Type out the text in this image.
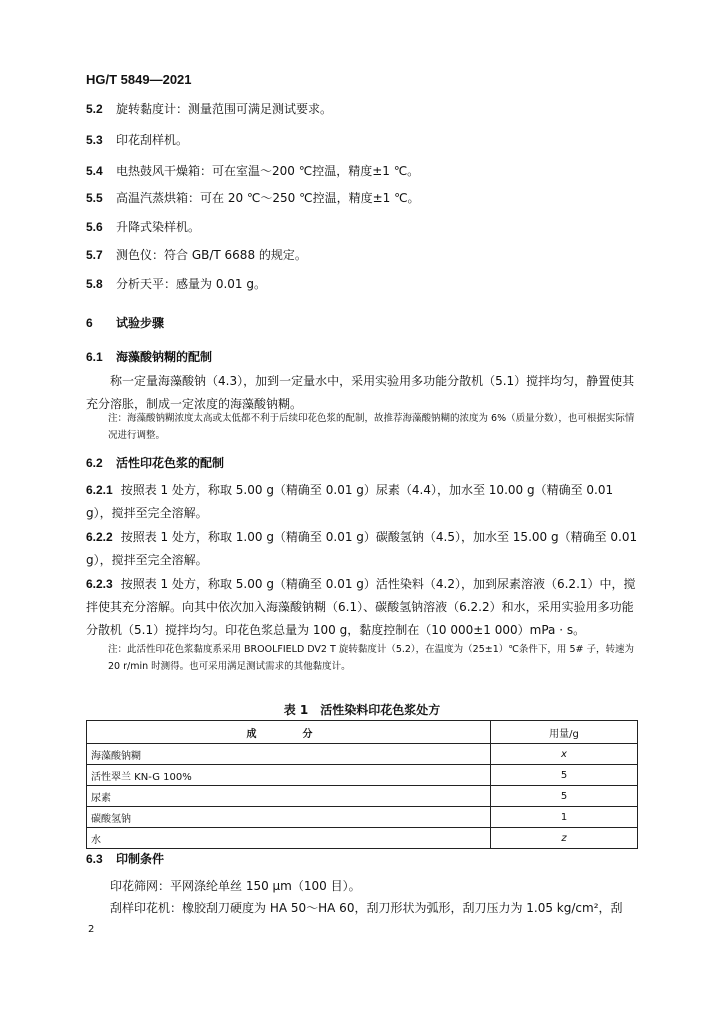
HG/T 5849—2021
5.2 旋转黏度计：测量范围可满足测试要求。
5.3 印花刮样机。
5.4 电热鼓风干燥箱：可在室温～200 ℃控温，精度±1 ℃。
5.5 高温汽蒸烘箱：可在 20 ℃～250 ℃控温，精度±1 ℃。
5.6 升降式染样机。
5.7 测色仪：符合 GB/T 6688 的规定。
5.8 分析天平：感量为 0.01 g。
6 试验步骤
6.1 海藻酸钠糊的配制
称一定量海藻酸钠（4.3），加到一定量水中，采用实验用多功能分散机（5.1）搅拌均匀，静置使其充分溶胀，制成一定浓度的海藻酸钠糊。
注：海藻酸钠糊浓度太高或太低都不利于后续印花色浆的配制，故推荐海藻酸钠糊的浓度为 6%（质量分数），也可根据实际情况进行调整。
6.2 活性印花色浆的配制
6.2.1 按照表 1 处方，称取 5.00 g（精确至 0.01 g）尿素（4.4），加水至 10.00 g（精确至 0.01 g），搅拌至完全溶解。
6.2.2 按照表 1 处方，称取 1.00 g（精确至 0.01 g）碳酸氢钠（4.5），加水至 15.00 g（精确至 0.01 g），搅拌至完全溶解。
6.2.3 按照表 1 处方，称取 5.00 g（精确至 0.01 g）活性染料（4.2），加到尿素溶液（6.2.1）中，搅拌使其充分溶解。向其中依次加入海藻酸钠糊（6.1）、碳酸氢钠溶液（6.2.2）和水，采用实验用多功能分散机（5.1）搅拌均匀。印花色浆总量为 100 g，黏度控制在（10 000±1 000）mPa · s。
注：此活性印花色浆黏度系采用 BROOLFIELD DV2 T 旋转黏度计（5.2），在温度为（25±1）℃条件下，用 5# 子，转速为 20 r/min 时测得。也可采用满足测试需求的其他黏度计。
表 1　活性染料印花色浆处方
成　分	用量/g
海藻酸钠糊	x
活性翠兰 KN-G 100%	5
尿素	5
碳酸氢钠	1
水	z
6.3 印制条件
印花筛网：平网涤纶单丝 150 μm（100 目）。
刮样印花机：橡胶刮刀硬度为 HA 50～HA 60，刮刀形状为弧形，刮刀压力为 1.05 kg/cm²，刮
2
